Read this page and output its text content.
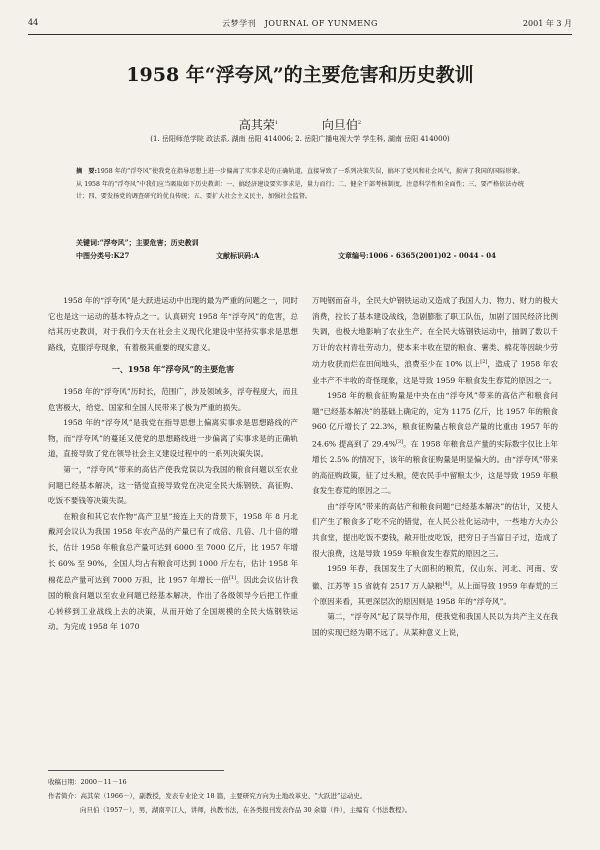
44	云梦学刊　JOURNAL OF YUNMENG	2001 年 3 月
1958 年“浮夸风”的主要危害和历史教训
高其荣$^1$	向旦伯$^2$
(1. 岳阳师范学院 政法系, 湖南 岳阳 414006; 2. 岳阳广播电视大学 学生科, 湖南 岳阳 414000)
摘　要:1958 年的“浮夸风”使我党在指导思想上进一步偏离了实事求是的正确轨道，直接导致了一系列决策失误，搞坏了党风和社会风气，损害了我国的国际形象。从 1958 年的“浮夸风”中我们应当吸取如下历史教训：一、搞经济建设要实事求是，量力而行；二、健全干部考核制度，注意科学性和全面性；三、要严格依法办统计；四、要发扬党的调查研究的优良传统；五、要扩大社会主义民主，加强社会监督。
关键词:“浮夸风”；主要危害；历史教训
中图分类号:K27	文献标识码:A	文章编号:1006 - 6365(2001)02 - 0044 - 04

1958 年的“浮夸风”是大跃进运动中出现的最为严重的问题之一，同时它也是这一运动的基本特点之一。认真研究 1958 年“浮夸风”的危害，总结其历史教训，对于我们今天在社会主义现代化建设中坚持实事求是思想路线，克服浮夸现象，有着极其重要的现实意义。

一、1958 年“浮夸风”的主要危害

1958 年的“浮夸风”历时长，范围广，涉及领域多，浮夸程度大，而且危害极大，给党、国家和全国人民带来了极为严重的损失。

1958 年的“浮夸风”是我党在指导思想上偏离实事求是思想路线的产物，而“浮夸风”的蔓延又使党的思想路线进一步偏离了实事求是的正确轨道，直接导致了党在领导社会主义建设过程中的一系列决策失误。

第一，“浮夸风”带来的高估产使我党误以为我国的粮食问题以至农业问题已经基本解决，这一错觉直接导致党在决定全民大炼钢铁、高征购、吃饭不要钱等决策失误。

在粮食和其它农作物“高产卫星”接连上天的背景下，1958 年 8 月北戴河会议认为我国 1958 年农产品的产量已有了成倍、几倍、几十倍的增长，估计 1958 年粮食总产量可达到 6000 至 7000 亿斤，比 1957 年增长 60% 至 90%，全国人均占有粮食可达到 1000 斤左右，估计 1958 年棉花总产量可达到 7000 万担，比 1957 年增长一倍[1]。因此会议估计我国的粮食问题以至农业问题已经基本解决，作出了各级领导今后把工作重心转移到工业战线上去的决策，从而开始了全国规模的全民大炼钢铁运动。为完成 1958 年 1070

万吨钢而奋斗，全民大炉钢铁运动又造成了我国人力、物力、财力的极大消费，拉长了基本建设战线，急剧膨胀了职工队伍，加剧了国民经济比例失调，也极大地影响了农业生产。在全民大炼钢铁运动中，抽调了数以千万计的农村青壮劳动力，使本来丰收在望的粮食、薯类、棉花等因缺少劳动力收获而烂在田间地头，浪费至少在 10% 以上[2]，造成了 1958 年农业丰产不丰收的奇怪现象，这是导致 1959 年粮食发生春荒的原因之一。

1958 年的粮食征购量是中央在由“浮夸风”带来的高估产和粮食问题“已经基本解决”的基础上确定的，定为 1175 亿斤，比 1957 年的粮食 960 亿斤增长了 22.3%，粮食征购量占粮食总产量的比重由 1957 年的 24.6% 提高到了 29.4%[3]。在 1958 年粮食总产量的实际数字仅比上年增长 2.5% 的情况下，该年的粮食征购量是明显偏大的。由“浮夸风”带来的高征购政策，征了过头粮，使农民手中留粮太少，这是导致 1959 年粮食发生春荒的原因之二。

由“浮夸风”带来的高估产和粮食问题“已经基本解决”的估计，又使人们产生了粮食多了吃不完的错觉，在人民公社化运动中，一些地方大办公共食堂，提出吃饭不要钱，敞开肚皮吃饭，把穷日子当富日子过，造成了很大浪费，这是导致 1959 年粮食发生春荒的原因之三。

1959 年春，我国发生了大面积的粮荒，仅山东、河北、河南、安徽、江苏等 15 省就有 2517 万人缺粮[4]。从上面导致 1959 年春荒的三个原因来看，其更深层次的原因则是 1958 年的“浮夸风”。

第二，“浮夸风”起了误导作用，使我党和我国人民以为共产主义在我国的实现已经为期不远了。从某种意义上说，

收稿日期：2000－11－16
作者简介：高其荣（1966－），副教授，发表专业论文 18 篇，主要研究方向为土地改革史、“大跃进”运动史。
向旦伯（1957－），男，湖南平江人，讲师，执教书法，在各类报刊发表作品 30 余篇（件），主编有《书法教程》。
